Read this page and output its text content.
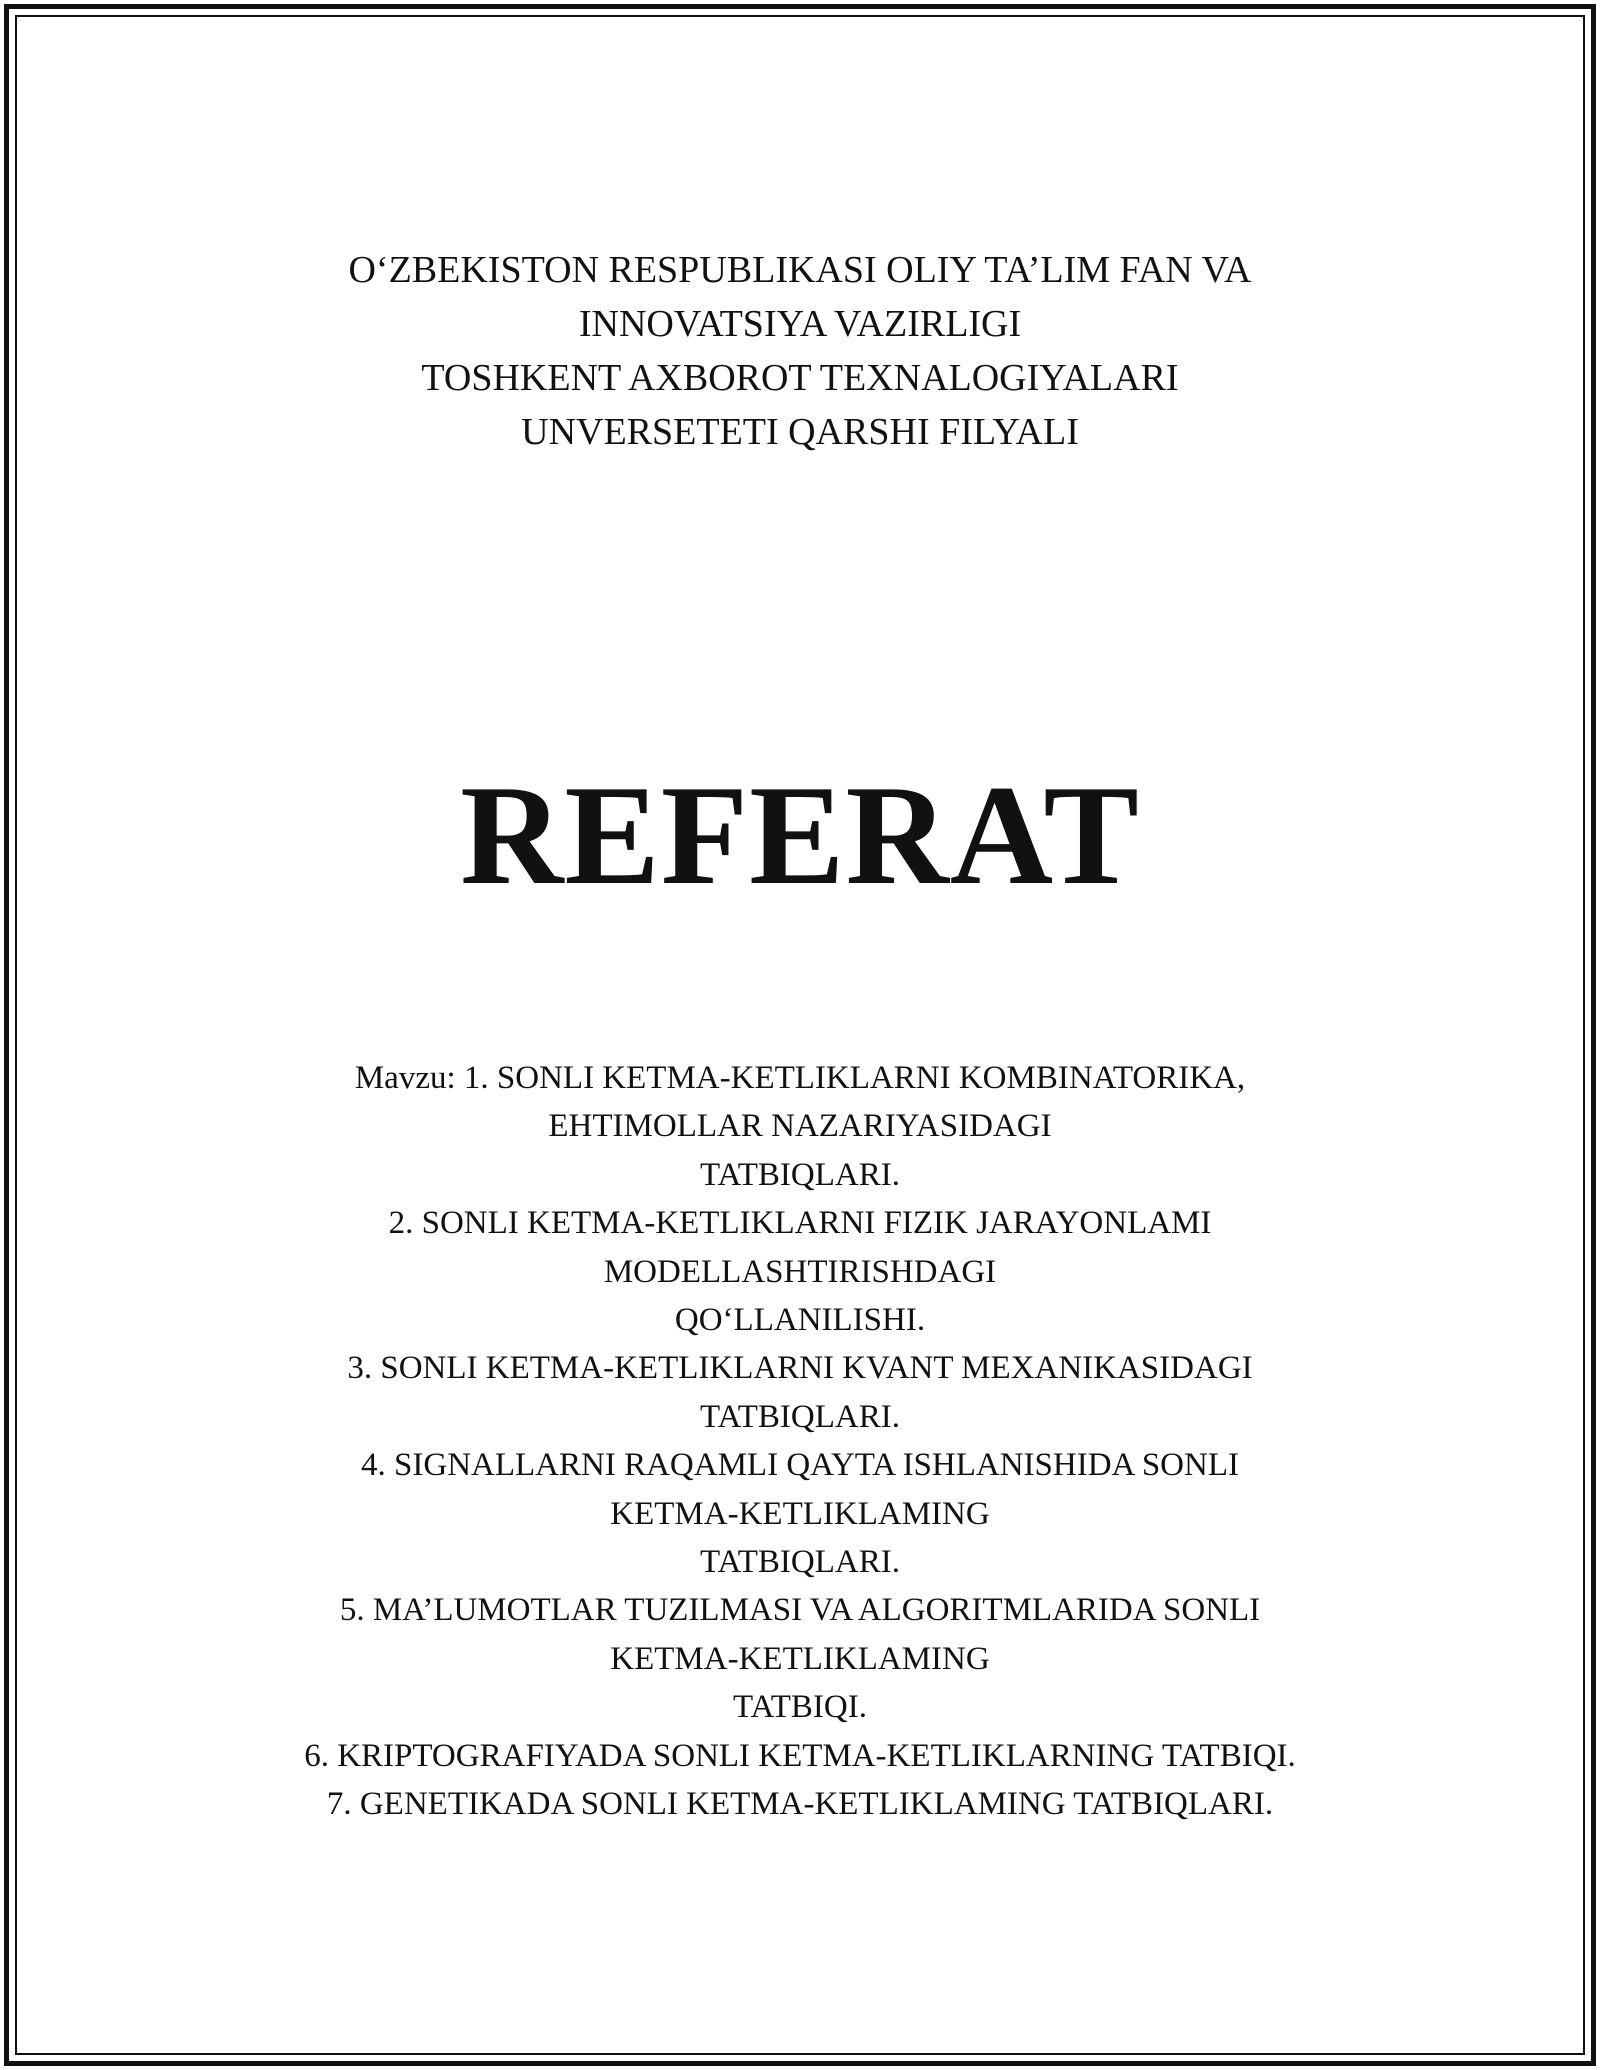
O‘ZBEKISTON RESPUBLIKASI OLIY TA’LIM FAN VA
INNOVATSIYA VAZIRLIGI
TOSHKENT AXBOROT TEXNALOGIYALARI
UNVERSETETI QARSHI FILYALI
REFERAT
Mavzu: 1. SONLI KETMA-KETLIKLARNI KOMBINATORIKA,
EHTIMOLLAR NAZARIYASIDAGI
TATBIQLARI.
2. SONLI KETMA-KETLIKLARNI FIZIK JARAYONLAMI
MODELLASHTIRISHDAGI
QO‘LLANILISHI.
3. SONLI KETMA-KETLIKLARNI KVANT MEXANIKASIDAGI
TATBIQLARI.
4. SIGNALLARNI RAQAMLI QAYTA ISHLANISHIDA SONLI
KETMA-KETLIKLAMING
TATBIQLARI.
5. MA’LUMOTLAR TUZILMASI VA ALGORITMLARIDA SONLI
KETMA-KETLIKLAMING
TATBIQI.
6. KRIPTOGRAFIYADA SONLI KETMA-KETLIKLARNING TATBIQI.
7. GENETIKADA SONLI KETMA-KETLIKLAMING TATBIQLARI.
